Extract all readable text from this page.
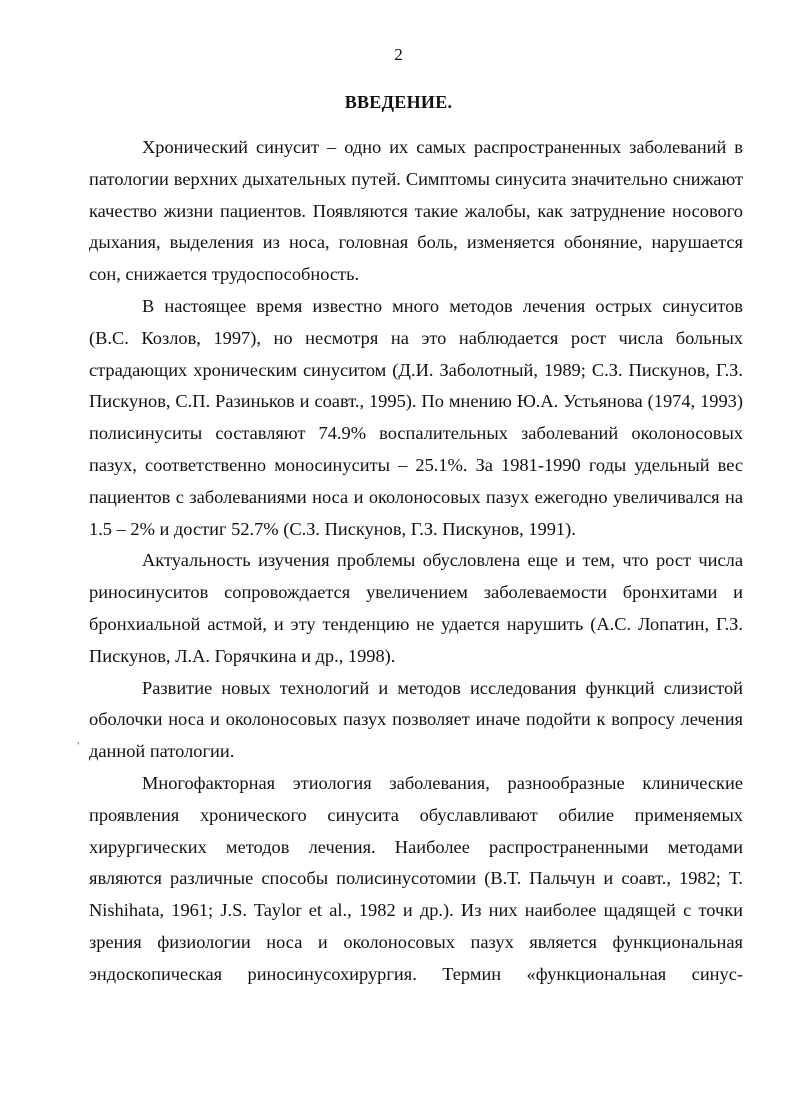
2
ВВЕДЕНИЕ.

Хронический синусит – одно их самых распространенных заболеваний в патологии верхних дыхательных путей. Симптомы синусита значительно снижают качество жизни пациентов. Появляются такие жалобы, как затруднение носового дыхания, выделения из носа, головная боль, изменяется обоняние, нарушается сон, снижается трудоспособность.

В настоящее время известно много методов лечения острых синуситов (В.С. Козлов, 1997), но несмотря на это наблюдается рост числа больных страдающих хроническим синуситом (Д.И. Заболотный, 1989; С.З. Пискунов, Г.З. Пискунов, С.П. Разиньков и соавт., 1995). По мнению Ю.А. Устьянова (1974, 1993) полисинуситы составляют 74.9% воспалительных заболеваний околоносовых пазух, соответственно моносинуситы – 25.1%. За 1981-1990 годы удельный вес пациентов с заболеваниями носа и околоносовых пазух ежегодно увеличивался на 1.5 – 2% и достиг 52.7% (С.З. Пискунов, Г.З. Пискунов, 1991).

Актуальность изучения проблемы обусловлена еще и тем, что рост числа риносинуситов сопровождается увеличением заболеваемости бронхитами и бронхиальной астмой, и эту тенденцию не удается нарушить (А.С. Лопатин, Г.З. Пискунов, Л.А. Горячкина и др., 1998).

Развитие новых технологий и методов исследования функций слизистой оболочки носа и околоносовых пазух позволяет иначе подойти к вопросу лечения данной патологии.

Многофакторная этиология заболевания, разнообразные клинические проявления хронического синусита обуславливают обилие применяемых хирургических методов лечения. Наиболее распространенными методами являются различные способы полисинусотомии (В.Т. Пальчун и соавт., 1982; Т. Nishihata, 1961; J.S. Taylor et al., 1982 и др.). Из них наиболее щадящей с точки зрения физиологии носа и околоносовых пазух является функциональная эндоскопическая риносинусохирургия. Термин «функциональная синус-

,
